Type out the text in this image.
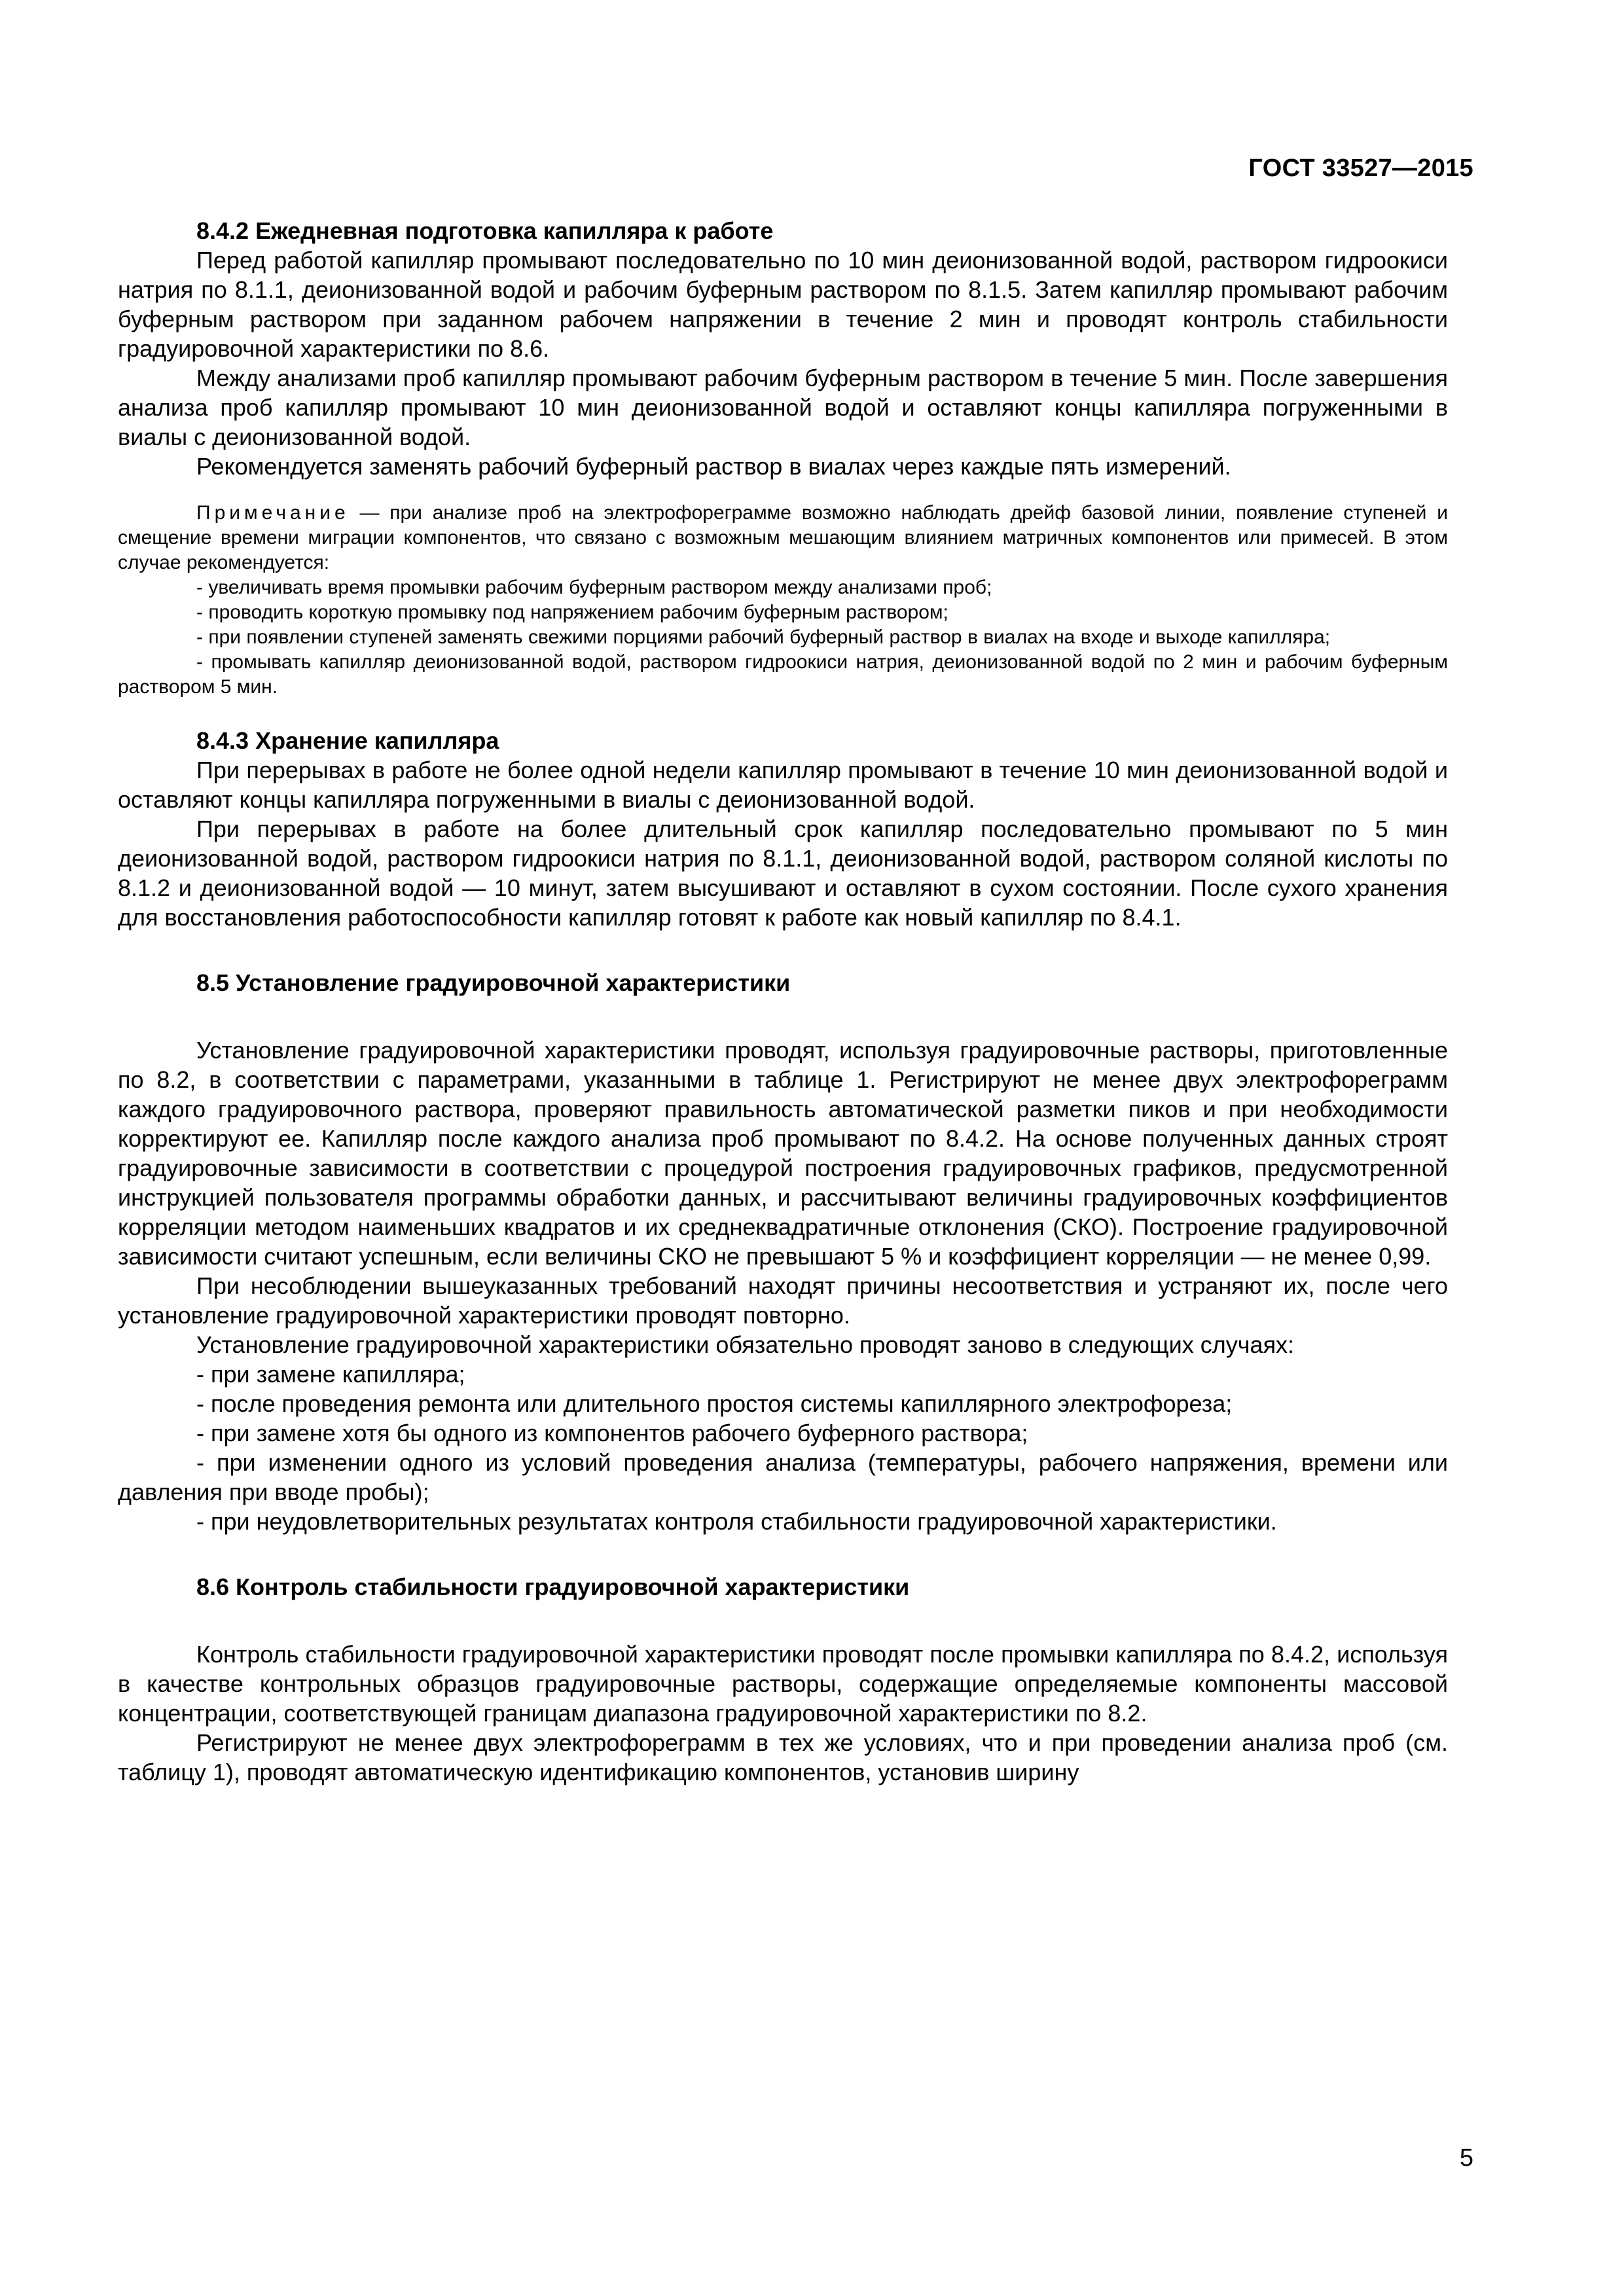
ГОСТ 33527—2015

8.4.2 Ежедневная подготовка капилляра к работе

Перед работой капилляр промывают последовательно по 10 мин деионизованной водой, раствором гидроокиси натрия по 8.1.1, деионизованной водой и рабочим буферным раствором по 8.1.5. Затем капилляр промывают рабочим буферным раствором при заданном рабочем напряжении в течение 2 мин и проводят контроль стабильности градуировочной характеристики по 8.6.

Между анализами проб капилляр промывают рабочим буферным раствором в течение 5 мин. После завершения анализа проб капилляр промывают 10 мин деионизованной водой и оставляют концы капилляра погруженными в виалы с деионизованной водой.

Рекомендуется заменять рабочий буферный раствор в виалах через каждые пять измерений.

Примечание — при анализе проб на электрофореграмме возможно наблюдать дрейф базовой линии, появление ступеней и смещение времени миграции компонентов, что связано с возможным мешающим влиянием матричных компонентов или примесей. В этом случае рекомендуется:

- увеличивать время промывки рабочим буферным раствором между анализами проб;

- проводить короткую промывку под напряжением рабочим буферным раствором;

- при появлении ступеней заменять свежими порциями рабочий буферный раствор в виалах на входе и выходе капилляра;

- промывать капилляр деионизованной водой, раствором гидроокиси натрия, деионизованной водой по 2 мин и рабочим буферным раствором 5 мин.

8.4.3 Хранение капилляра

При перерывах в работе не более одной недели капилляр промывают в течение 10 мин деионизованной водой и оставляют концы капилляра погруженными в виалы с деионизованной водой.

При перерывах в работе на более длительный срок капилляр последовательно промывают по 5 мин деионизованной водой, раствором гидроокиси натрия по 8.1.1, деионизованной водой, раствором соляной кислоты по 8.1.2 и деионизованной водой — 10 минут, затем высушивают и оставляют в сухом состоянии. После сухого хранения для восстановления работоспособности капилляр готовят к работе как новый капилляр по 8.4.1.

8.5 Установление градуировочной характеристики

Установление градуировочной характеристики проводят, используя градуировочные растворы, приготовленные по 8.2, в соответствии с параметрами, указанными в таблице 1. Регистрируют не менее двух электрофореграмм каждого градуировочного раствора, проверяют правильность автоматической разметки пиков и при необходимости корректируют ее. Капилляр после каждого анализа проб промывают по 8.4.2. На основе полученных данных строят градуировочные зависимости в соответствии с процедурой построения градуировочных графиков, предусмотренной инструкцией пользователя программы обработки данных, и рассчитывают величины градуировочных коэффициентов корреляции методом наименьших квадратов и их среднеквадратичные отклонения (СКО). Построение градуировочной зависимости считают успешным, если величины СКО не превышают 5 % и коэффициент корреляции — не менее 0,99.

При несоблюдении вышеуказанных требований находят причины несоответствия и устраняют их, после чего установление градуировочной характеристики проводят повторно.

Установление градуировочной характеристики обязательно проводят заново в следующих случаях:

- при замене капилляра;

- после проведения ремонта или длительного простоя системы капиллярного электрофореза;

- при замене хотя бы одного из компонентов рабочего буферного раствора;

- при изменении одного из условий проведения анализа (температуры, рабочего напряжения, времени или давления при вводе пробы);

- при неудовлетворительных результатах контроля стабильности градуировочной характеристики.

8.6 Контроль стабильности градуировочной характеристики

Контроль стабильности градуировочной характеристики проводят после промывки капилляра по 8.4.2, используя в качестве контрольных образцов градуировочные растворы, содержащие определяемые компоненты массовой концентрации, соответствующей границам диапазона градуировочной характеристики по 8.2.

Регистрируют не менее двух электрофореграмм в тех же условиях, что и при проведении анализа проб (см. таблицу 1), проводят автоматическую идентификацию компонентов, установив ширину

5
